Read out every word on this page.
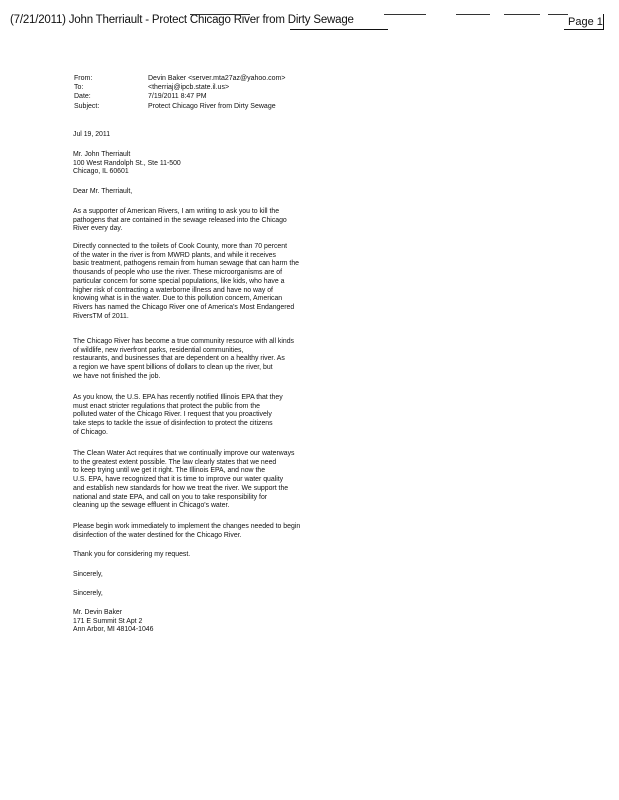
(7/21/2011) John Therriault - Protect Chicago River from Dirty Sewage	Page 1
From:	Devin Baker <server.mta27az@yahoo.com>
To:	<therriaj@ipcb.state.il.us>
Date:	7/19/2011 8:47 PM
Subject:	Protect Chicago River from Dirty Sewage
Jul 19, 2011
Mr. John Therriault
100 West Randolph St., Ste 11-500
Chicago, IL 60601
Dear Mr. Therriault,
As a supporter of American Rivers, I am writing to ask you to kill the
pathogens that are contained in the sewage released into the Chicago
River every day.
Directly connected to the toilets of Cook County, more than 70 percent
of the water in the river is from MWRD plants, and while it receives
basic treatment, pathogens remain from human sewage that can harm the
thousands of people who use the river. These microorganisms are of
particular concern for some special populations, like kids, who have a
higher risk of contracting a waterborne illness and have no way of
knowing what is in the water. Due to this pollution concern, American
Rivers has named the Chicago River one of America's Most Endangered
RiversTM of 2011.
The Chicago River has become a true community resource with all kinds
of wildlife, new riverfront parks, residential communities,
restaurants, and businesses that are dependent on a healthy river. As
a region we have spent billions of dollars to clean up the river, but
we have not finished the job.
As you know, the U.S. EPA has recently notified Illinois EPA that they
must enact stricter regulations that protect the public from the
polluted water of the Chicago River. I request that you proactively
take steps to tackle the issue of disinfection to protect the citizens
of Chicago.
The Clean Water Act requires that we continually improve our waterways
to the greatest extent possible. The law clearly states that we need
to keep trying until we get it right. The Illinois EPA, and now the
U.S. EPA, have recognized that it is time to improve our water quality
and establish new standards for how we treat the river. We support the
national and state EPA, and call on you to take responsibility for
cleaning up the sewage effluent in Chicago's water.
Please begin work immediately to implement the changes needed to begin
disinfection of the water destined for the Chicago River.
Thank you for considering my request.
Sincerely,
Sincerely,
Mr. Devin Baker
171 E Summit St Apt 2
Ann Arbor, MI 48104-1046
